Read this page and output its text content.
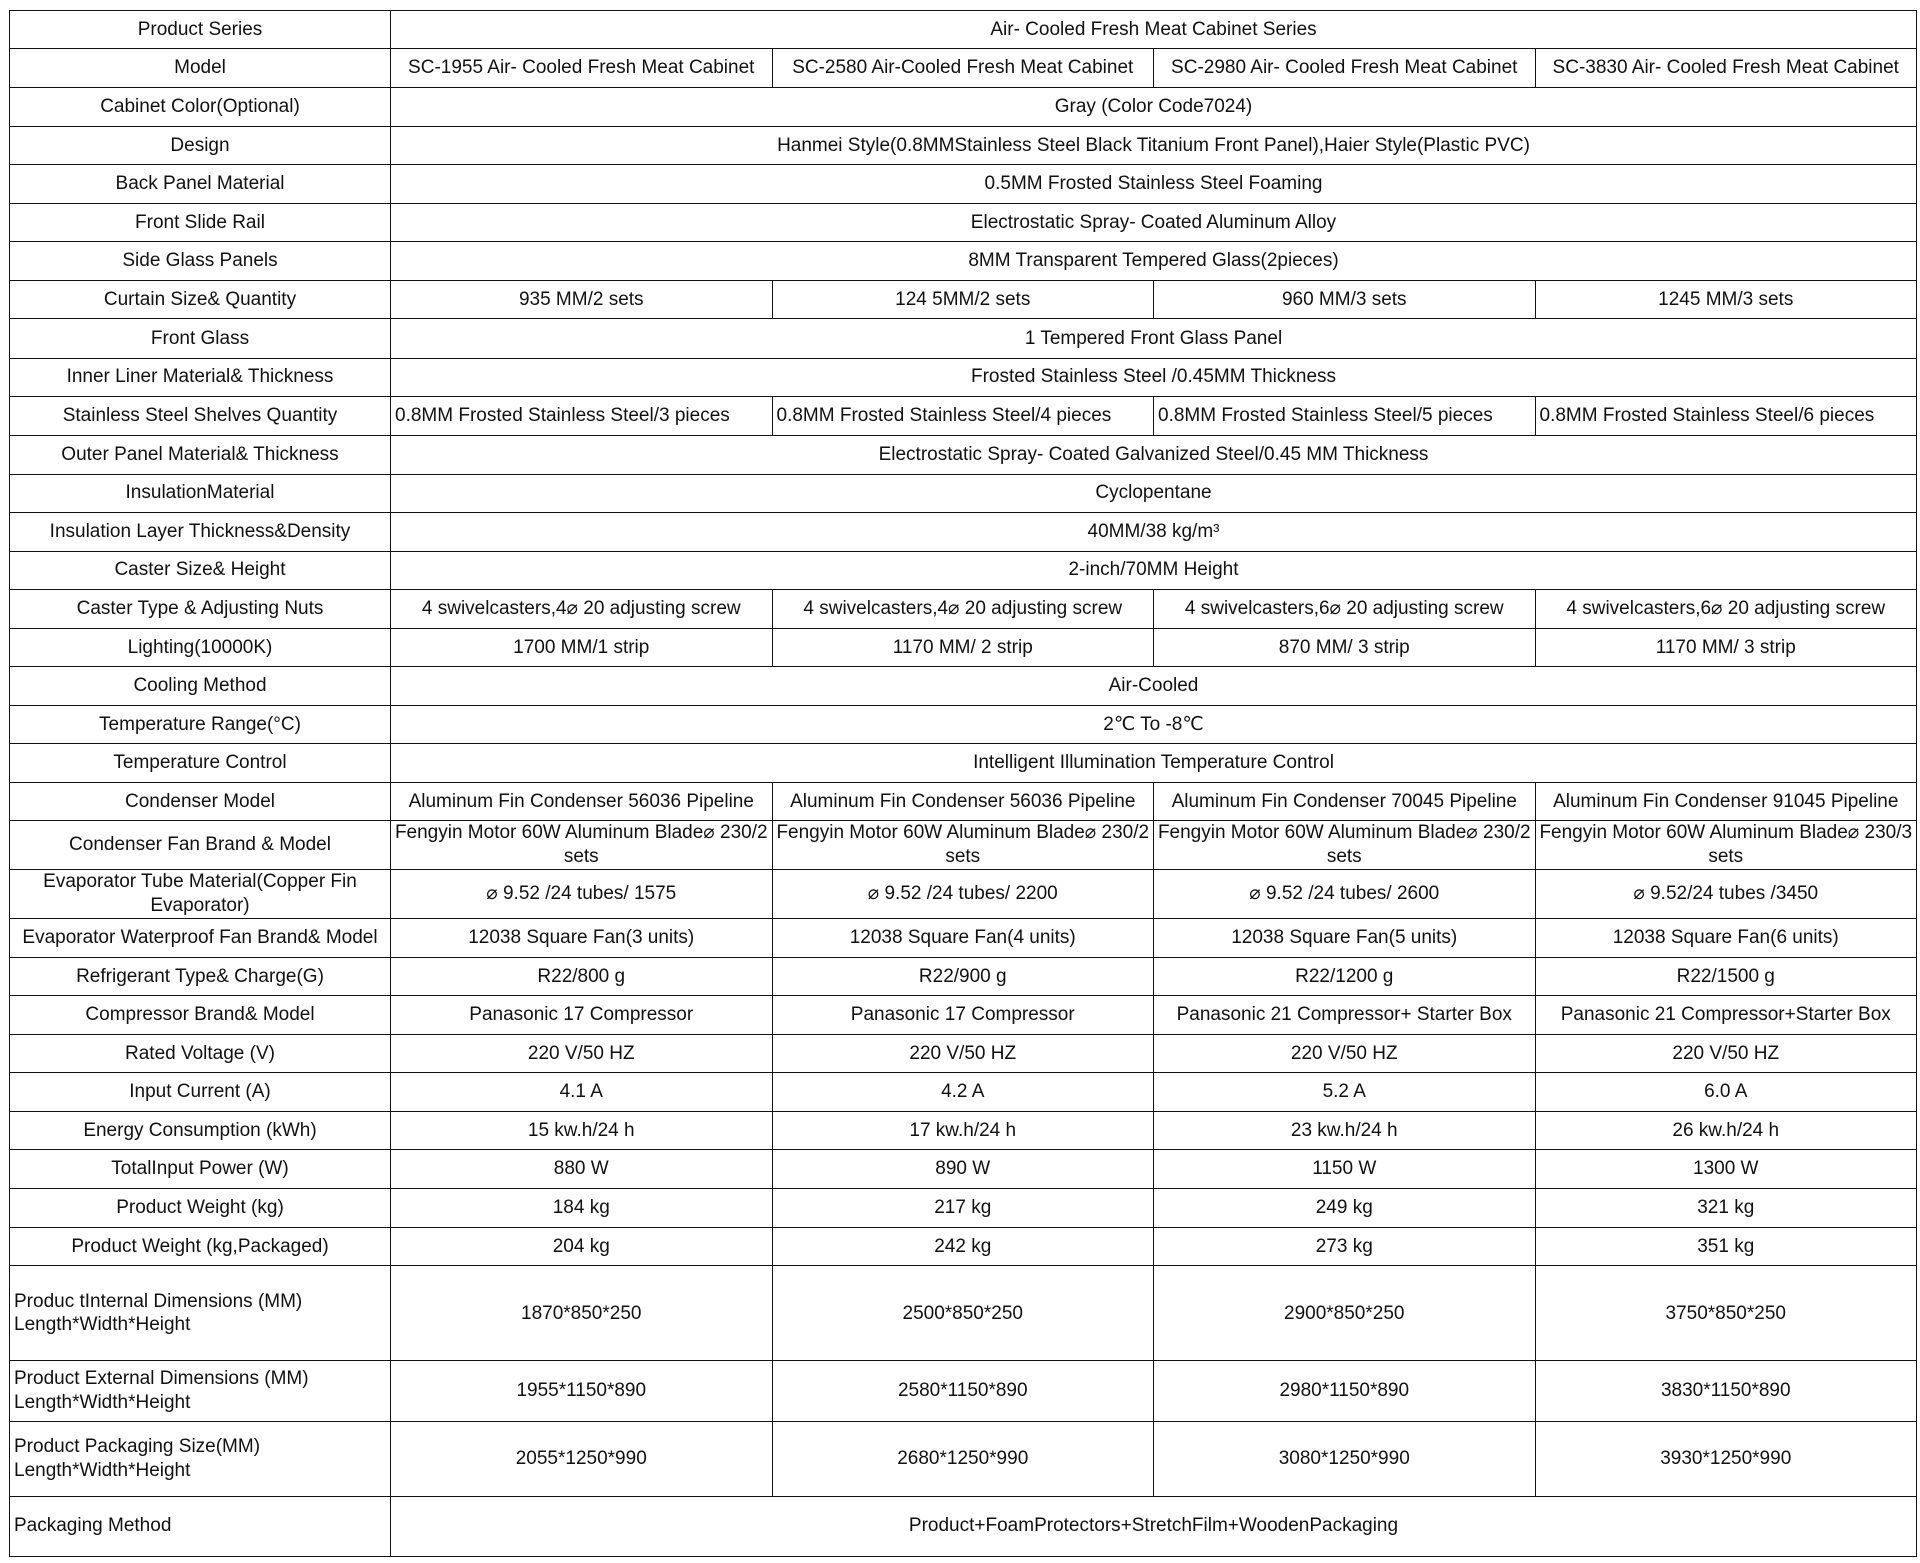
Product Series	Air- Cooled Fresh Meat Cabinet Series			
Model	SC-1955 Air- Cooled Fresh Meat Cabinet	SC-2580 Air-Cooled Fresh Meat Cabinet	SC-2980 Air- Cooled Fresh Meat Cabinet	SC-3830 Air- Cooled Fresh Meat Cabinet
Cabinet Color(Optional)	Gray (Color Code7024)			
Design	Hanmei Style(0.8MMStainless Steel Black Titanium Front Panel),Haier Style(Plastic PVC)			
Back Panel Material	0.5MM Frosted Stainless Steel Foaming			
Front Slide Rail	Electrostatic Spray- Coated Aluminum Alloy			
Side Glass Panels	8MM Transparent Tempered Glass(2pieces)			
Curtain Size& Quantity	935 MM/2 sets	124 5MM/2 sets	960 MM/3 sets	1245 MM/3 sets
Front Glass	1 Tempered Front Glass Panel			
Inner Liner Material& Thickness	Frosted Stainless Steel /0.45MM Thickness			
Stainless Steel Shelves Quantity	0.8MM Frosted Stainless Steel/3 pieces	0.8MM Frosted Stainless Steel/4 pieces	0.8MM Frosted Stainless Steel/5 pieces	0.8MM Frosted Stainless Steel/6 pieces
Outer Panel Material& Thickness	Electrostatic Spray- Coated Galvanized Steel/0.45 MM Thickness			
InsulationMaterial	Cyclopentane			
Insulation Layer Thickness&Density	40MM/38 kg/m³			
Caster Size& Height	2-inch/70MM Height			
Caster Type & Adjusting Nuts	4 swivelcasters,4⌀ 20 adjusting screw	4 swivelcasters,4⌀ 20 adjusting screw	4 swivelcasters,6⌀ 20 adjusting screw	4 swivelcasters,6⌀ 20 adjusting screw
Lighting(10000K)	1700 MM/1 strip	1170 MM/ 2 strip	870 MM/ 3 strip	1170 MM/ 3 strip
Cooling Method	Air-Cooled			
Temperature Range(°C)	2℃ To -8℃			
Temperature Control	Intelligent Illumination Temperature Control			
Condenser Model	Aluminum Fin Condenser 56036 Pipeline	Aluminum Fin Condenser 56036 Pipeline	Aluminum Fin Condenser 70045 Pipeline	Aluminum Fin Condenser 91045 Pipeline
Condenser Fan Brand & Model	Fengyin Motor 60W Aluminum Blade⌀ 230/2 sets	Fengyin Motor 60W Aluminum Blade⌀ 230/2 sets	Fengyin Motor 60W Aluminum Blade⌀ 230/2 sets	Fengyin Motor 60W Aluminum Blade⌀ 230/3 sets
Evaporator Tube Material(Copper Fin Evaporator)	⌀ 9.52 /24 tubes/ 1575	⌀ 9.52 /24 tubes/ 2200	⌀ 9.52 /24 tubes/ 2600	⌀ 9.52/24 tubes /3450
Evaporator Waterproof Fan Brand& Model	12038 Square Fan(3 units)	12038 Square Fan(4 units)	12038 Square Fan(5 units)	12038 Square Fan(6 units)
Refrigerant Type& Charge(G)	R22/800 g	R22/900 g	R22/1200 g	R22/1500 g
Compressor Brand& Model	Panasonic 17 Compressor	Panasonic 17 Compressor	Panasonic 21 Compressor+ Starter Box	Panasonic 21 Compressor+Starter Box
Rated Voltage (V)	220 V/50 HZ	220 V/50 HZ	220 V/50 HZ	220 V/50 HZ
Input Current (A)	4.1 A	4.2 A	5.2 A	6.0 A
Energy Consumption (kWh)	15 kw.h/24 h	17 kw.h/24 h	23 kw.h/24 h	26 kw.h/24 h
TotalInput Power (W)	880 W	890 W	1150 W	1300 W
Product Weight (kg)	184 kg	217 kg	249 kg	321 kg
Product Weight (kg,Packaged)	204 kg	242 kg	273 kg	351 kg

Produc tInternal Dimensions (MM)
Length*Width*Height	1870*850*250	2500*850*250	2900*850*250	3750*850*250

Product External Dimensions (MM)
Length*Width*Height	1955*1150*890	2580*1150*890	2980*1150*890	3830*1150*890

Product Packaging Size(MM)
Length*Width*Height	2055*1250*990	2680*1250*990	3080*1250*990	3930*1250*990
Packaging Method	Product+FoamProtectors+StretchFilm+WoodenPackaging			
